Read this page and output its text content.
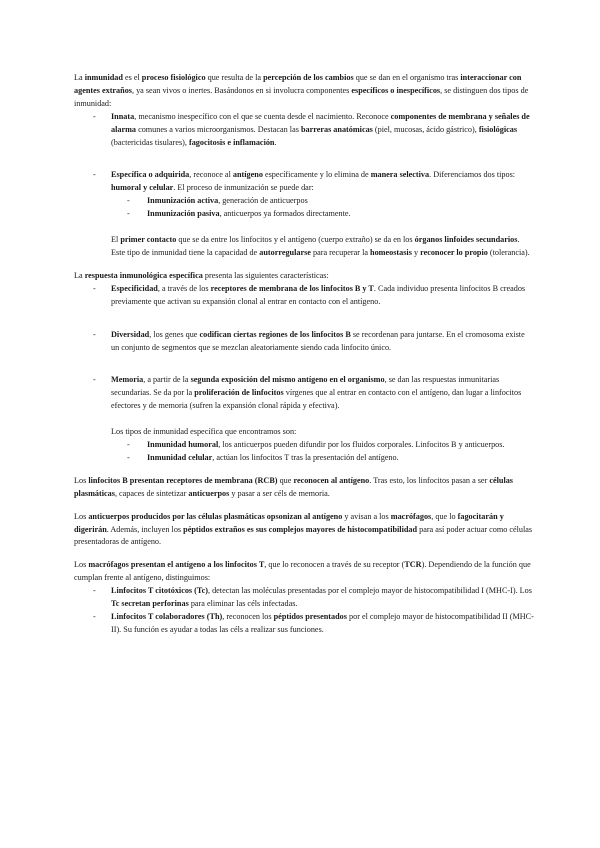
La inmunidad es el proceso fisiológico que resulta de la percepción de los cambios que se dan en el organismo tras interaccionar con agentes extraños, ya sean vivos o inertes. Basándonos en si involucra componentes específicos o inespecíficos, se distinguen dos tipos de inmunidad:

- Innata, mecanismo inespecífico con el que se cuenta desde el nacimiento. Reconoce componentes de membrana y señales de alarma comunes a varios microorganismos. Destacan las barreras anatómicas (piel, mucosas, ácido gástrico), fisiológicas (bactericidas tisulares), fagocitosis e inflamación.
- Específica o adquirida, reconoce al antígeno específicamente y lo elimina de manera selectiva. Diferenciamos dos tipos: humoral y celular. El proceso de inmunización se puede dar:
- Inmunización activa, generación de anticuerpos
- Inmunización pasiva, anticuerpos ya formados directamente.

El primer contacto que se da entre los linfocitos y el antígeno (cuerpo extraño) se da en los órganos linfoides secundarios. Este tipo de inmunidad tiene la capacidad de autorregularse para recuperar la homeostasis y reconocer lo propio (tolerancia).

La respuesta inmunológica específica presenta las siguientes características:

- Especificidad, a través de los receptores de membrana de los linfocitos B y T. Cada individuo presenta linfocitos B creados previamente que activan su expansión clonal al entrar en contacto con el antígeno.
- Diversidad, los genes que codifican ciertas regiones de los linfocitos B se recordenan para juntarse. En el cromosoma existe un conjunto de segmentos que se mezclan aleatoriamente siendo cada linfocito único.
- Memoria, a partir de la segunda exposición del mismo antígeno en el organismo, se dan las respuestas inmunitarias secundarias. Se da por la proliferación de linfocitos vírgenes que al entrar en contacto con el antígeno, dan lugar a linfocitos efectores y de memoria (sufren la expansión clonal rápida y efectiva).

Los tipos de inmunidad específica que encontramos son:

- Inmunidad humoral, los anticuerpos pueden difundir por los fluidos corporales. Linfocitos B y anticuerpos.
- Inmunidad celular, actúan los linfocitos T tras la presentación del antígeno.

Los linfocitos B presentan receptores de membrana (RCB) que reconocen al antígeno. Tras esto, los linfocitos pasan a ser células plasmáticas, capaces de sintetizar anticuerpos y pasar a ser céls de memoria.

Los anticuerpos producidos por las células plasmáticas opsonizan al antígeno y avisan a los macrófagos, que lo fagocitarán y digerirán. Además, incluyen los péptidos extraños es sus complejos mayores de histocompatibilidad para así poder actuar como células presentadoras de antígeno.

Los macrófagos presentan el antígeno a los linfocitos T, que lo reconocen a través de su receptor (TCR). Dependiendo de la función que cumplan frente al antígeno, distinguimos:

- Linfocitos T citotóxicos (Tc), detectan las moléculas presentadas por el complejo mayor de histocompatibilidad I (MHC-I). Los Tc secretan perforinas para eliminar las céls infectadas.
- Linfocitos T colaboradores (Th), reconocen los péptidos presentados por el complejo mayor de histocompatibilidad II (MHC-II). Su función es ayudar a todas las céls a realizar sus funciones.
